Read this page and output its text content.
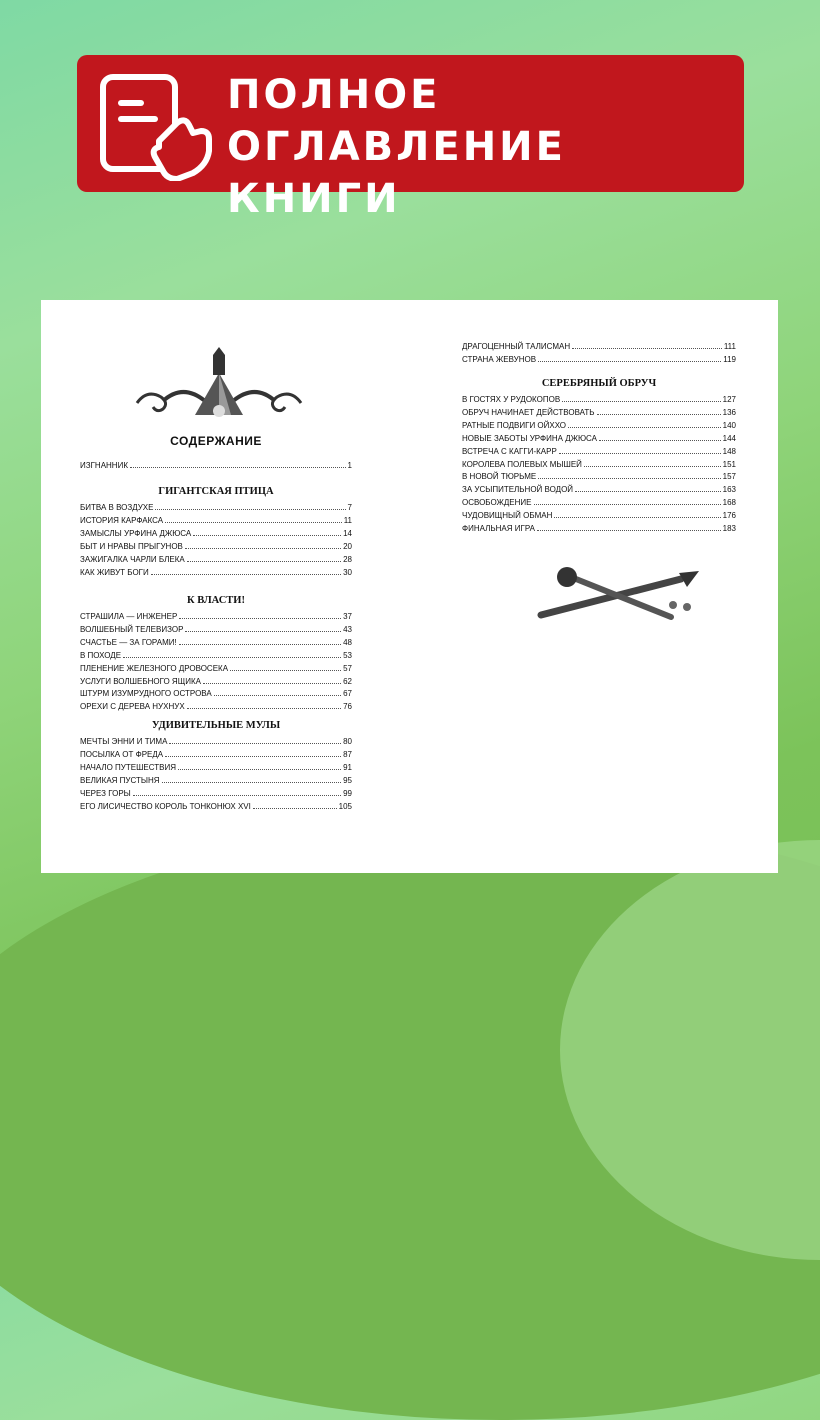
ПОЛНОЕ
ОГЛАВЛЕНИЕ КНИГИ
СОДЕРЖАНИЕ
ИЗГНАННИК	1
ГИГАНТСКАЯ ПТИЦА
БИТВА В ВОЗДУХЕ	7
ИСТОРИЯ КАРФАКСА	11
ЗАМЫСЛЫ УРФИНА ДЖЮСА	14
БЫТ И НРАВЫ ПРЫГУНОВ	20
ЗАЖИГАЛКА ЧАРЛИ БЛЕКА	28
КАК ЖИВУТ БОГИ	30
К ВЛАСТИ!
СТРАШИЛА — ИНЖЕНЕР	37
ВОЛШЕБНЫЙ ТЕЛЕВИЗОР	43
СЧАСТЬЕ — ЗА ГОРАМИ!	48
В ПОХОДЕ	53
ПЛЕНЕНИЕ ЖЕЛЕЗНОГО ДРОВОСЕКА	57
УСЛУГИ ВОЛШЕБНОГО ЯЩИКА	62
ШТУРМ ИЗУМРУДНОГО ОСТРОВА	67
ОРЕХИ С ДЕРЕВА НУХНУХ	76
УДИВИТЕЛЬНЫЕ МУЛЫ
МЕЧТЫ ЭННИ И ТИМА	80
ПОСЫЛКА ОТ ФРЕДА	87
НАЧАЛО ПУТЕШЕСТВИЯ	91
ВЕЛИКАЯ ПУСТЫНЯ	95
ЧЕРЕЗ ГОРЫ	99
ЕГО ЛИСИЧЕСТВО КОРОЛЬ ТОНКОНЮХ XVI	105
ДРАГОЦЕННЫЙ ТАЛИСМАН	111
СТРАНА ЖЕВУНОВ	119
СЕРЕБРЯНЫЙ ОБРУЧ
В ГОСТЯХ У РУДОКОПОВ	127
ОБРУЧ НАЧИНАЕТ ДЕЙСТВОВАТЬ	136
РАТНЫЕ ПОДВИГИ ОЙХХО	140
НОВЫЕ ЗАБОТЫ УРФИНА ДЖЮСА	144
ВСТРЕЧА С КАГГИ-КАРР	148
КОРОЛЕВА ПОЛЕВЫХ МЫШЕЙ	151
В НОВОЙ ТЮРЬМЕ	157
ЗА УСЫПИТЕЛЬНОЙ ВОДОЙ	163
ОСВОБОЖДЕНИЕ	168
ЧУДОВИЩНЫЙ ОБМАН	176
ФИНАЛЬНАЯ ИГРА	183
